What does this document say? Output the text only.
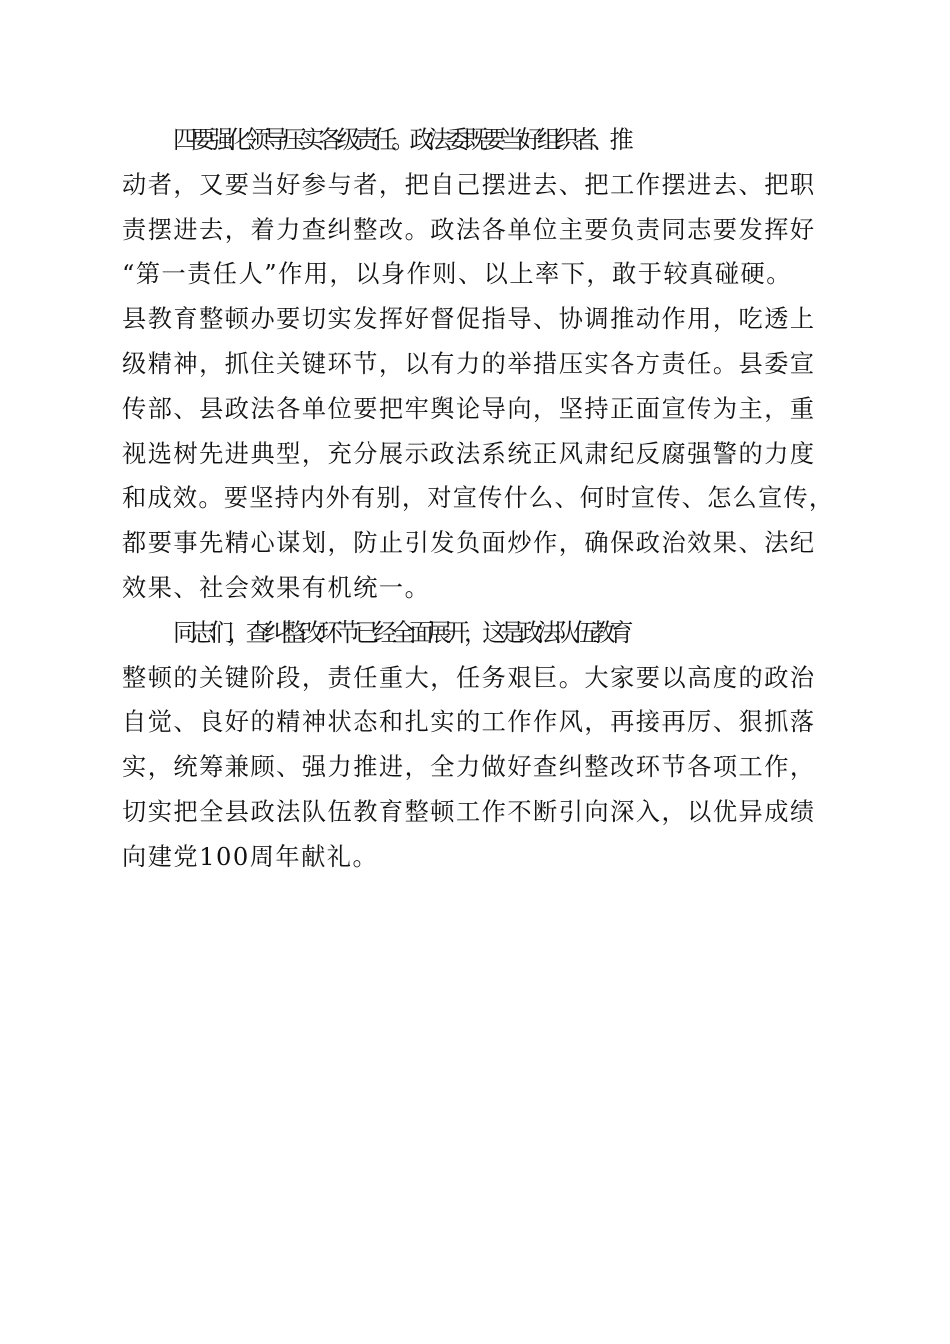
四要强化领导压实各级责任。政法委既要当好组织者、推
动者，又要当好参与者，把自己摆进去、把工作摆进去、把职
责摆进去，着力查纠整改。政法各单位主要负责同志要发挥好
“第一责任人”作用，以身作则、以上率下，敢于较真碰硬。
县教育整顿办要切实发挥好督促指导、协调推动作用，吃透上
级精神，抓住关键环节，以有力的举措压实各方责任。县委宣
传部、县政法各单位要把牢舆论导向，坚持正面宣传为主，重
视选树先进典型，充分展示政法系统正风肃纪反腐强警的力度
和成效。要坚持内外有别，对宣传什么、何时宣传、怎么宣传，
都要事先精心谋划，防止引发负面炒作，确保政治效果、法纪
效果、社会效果有机统一。

同志们，查纠整改环节已经全面展开，这是政法队伍教育
整顿的关键阶段，责任重大，任务艰巨。大家要以高度的政治
自觉、良好的精神状态和扎实的工作作风，再接再厉、狠抓落
实，统筹兼顾、强力推进，全力做好查纠整改环节各项工作，
切实把全县政法队伍教育整顿工作不断引向深入，以优异成绩
向建党100周年献礼。
